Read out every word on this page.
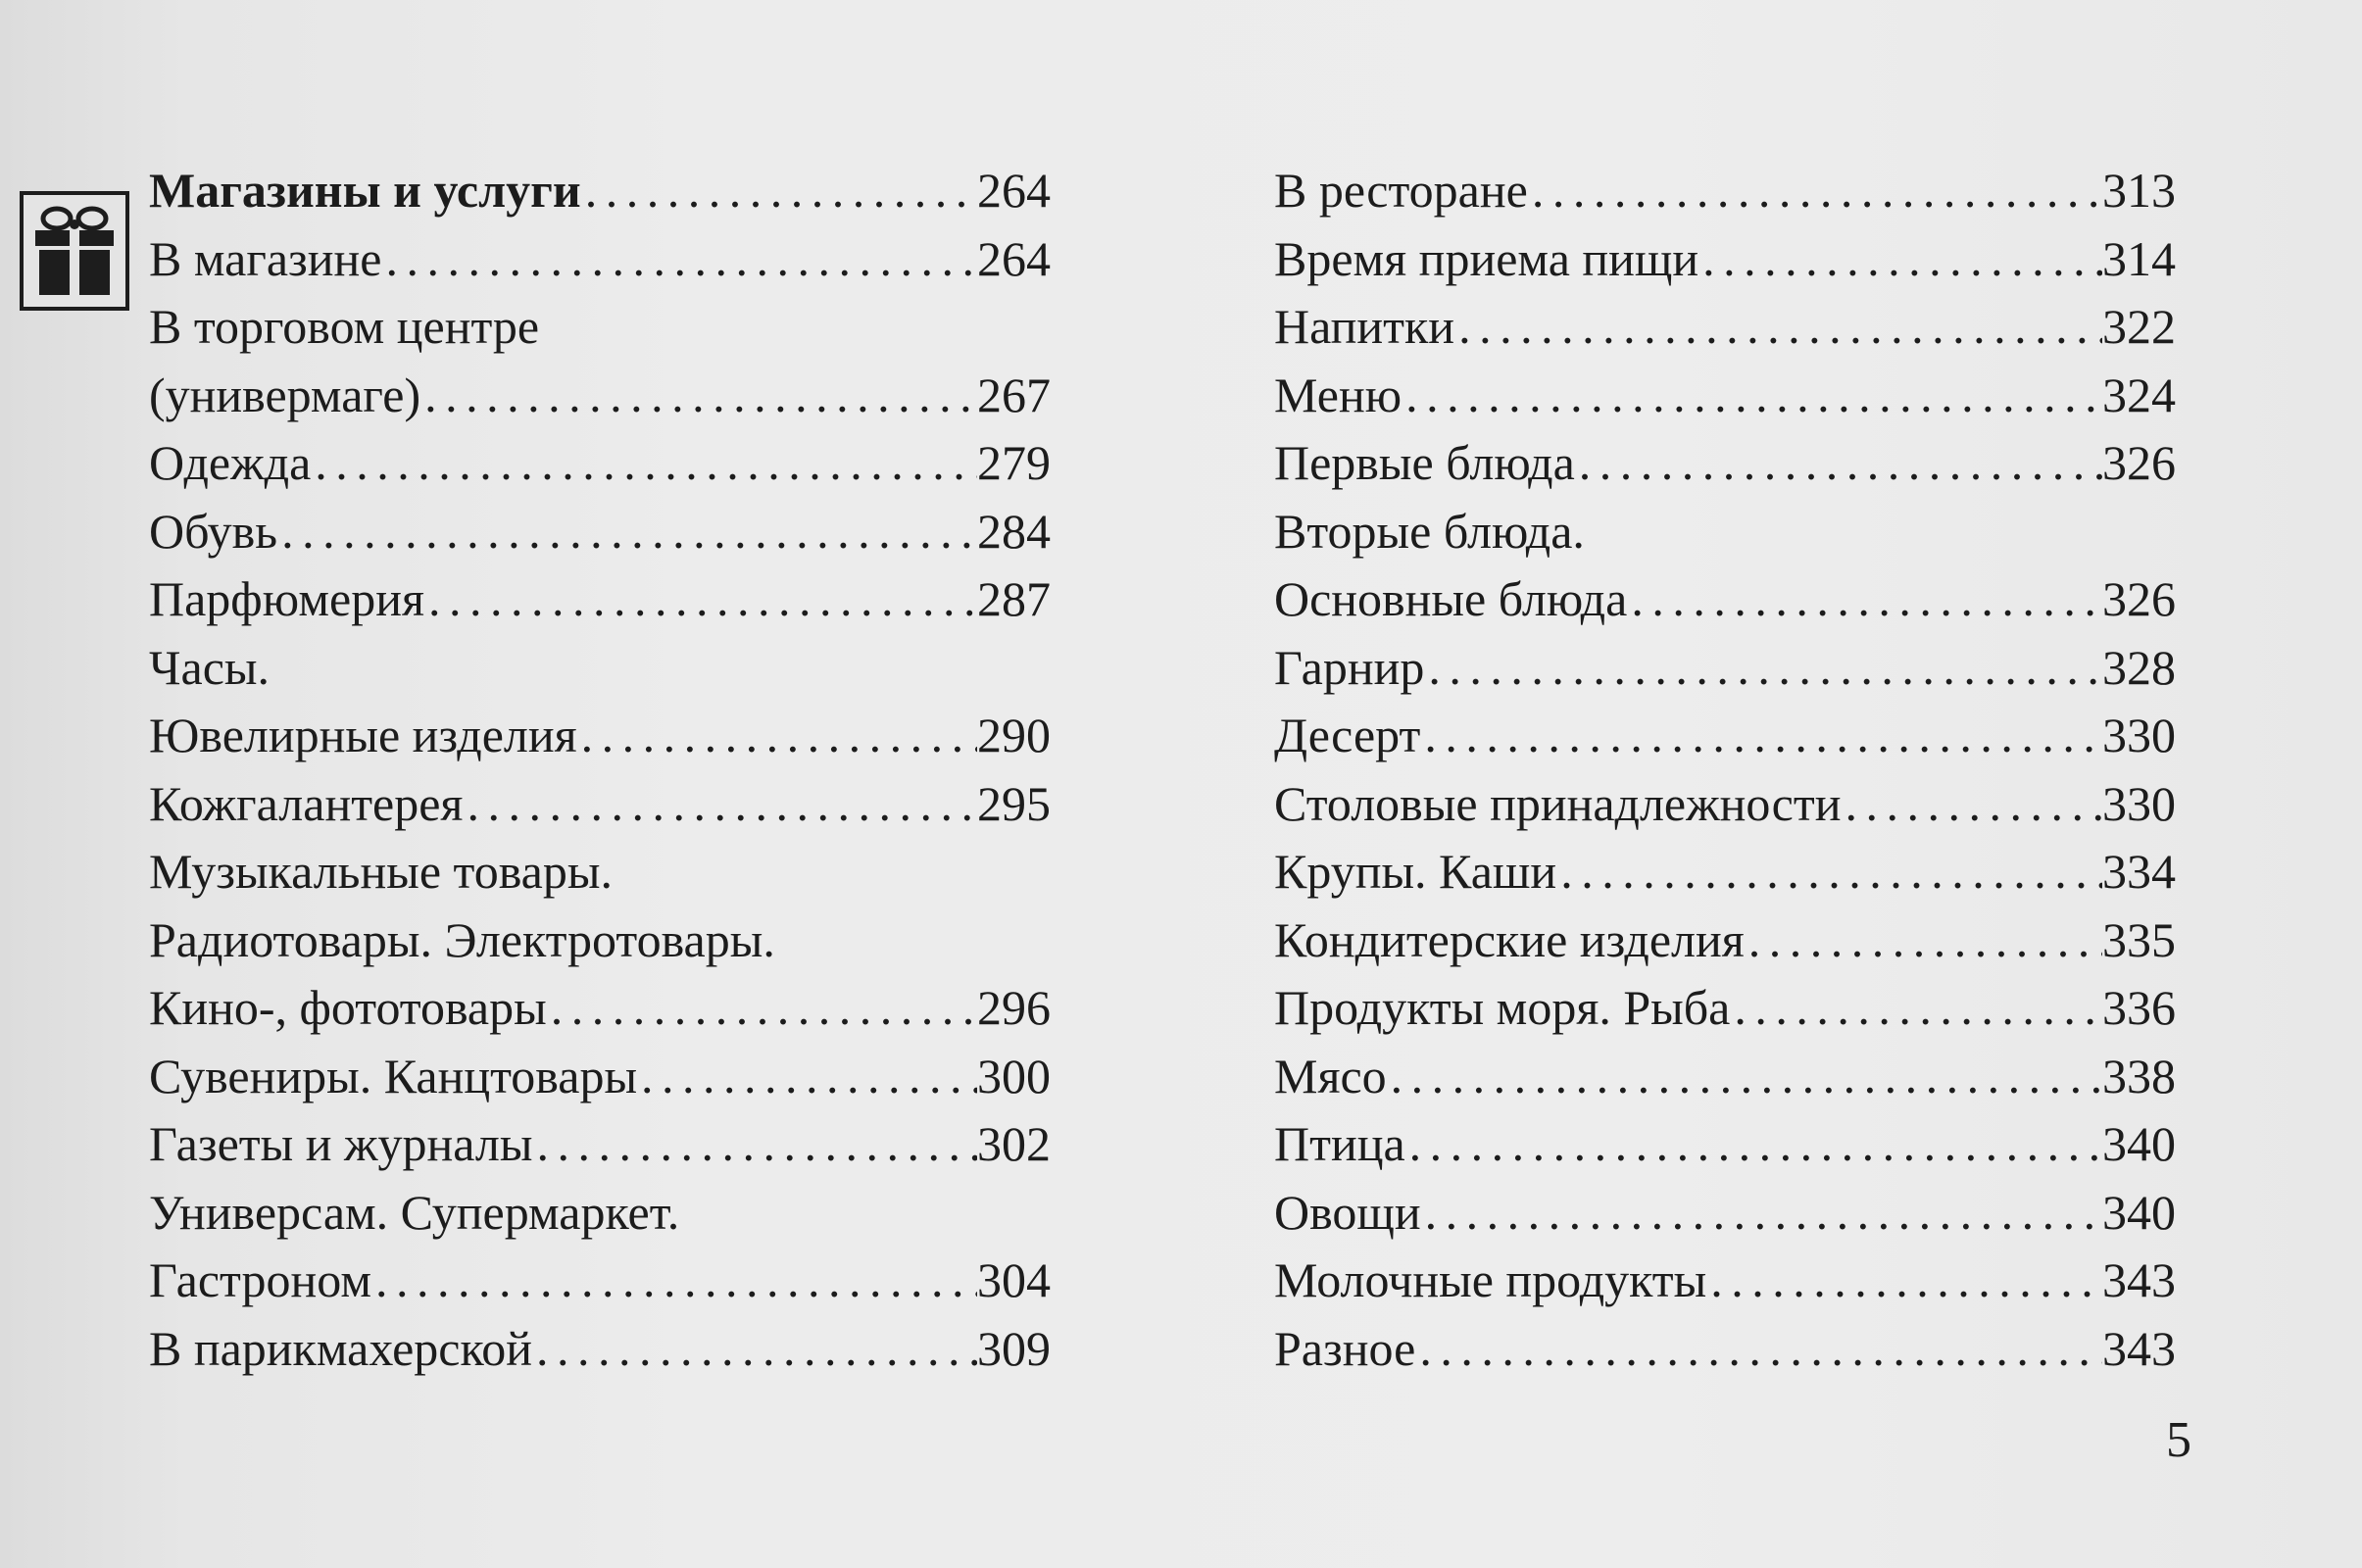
Магазины и услуги . . .	264
В магазине . . .	264
В торговом центре
(универмаге) . . .	267
Одежда . . .	279
Обувь . . .	284
Парфюмерия . . .	287
Часы.
Ювелирные изделия . . .	290
Кожгалантерея . . .	295
Музыкальные товары.
Радиотовары. Электротовары.
Кино-, фототовары . . .	296
Сувениры. Канцтовары . . .	300
Газеты и журналы . . .	302
Универсам. Супермаркет.
Гастроном . . .	304
В парикмахерской . . .	309
В ресторане . . .	313
Время приема пищи . . .	314
Напитки . . .	322
Меню . . .	324
Первые блюда . . .	326
Вторые блюда.
Основные блюда . . .	326
Гарнир . . .	328
Десерт . . .	330
Столовые принадлежности . . .	330
Крупы. Каши . . .	334
Кондитерские изделия . . .	335
Продукты моря. Рыба . . .	336
Мясо . . .	338
Птица . . .	340
Овощи . . .	340
Молочные продукты . . .	343
Разное . . .	343
5
